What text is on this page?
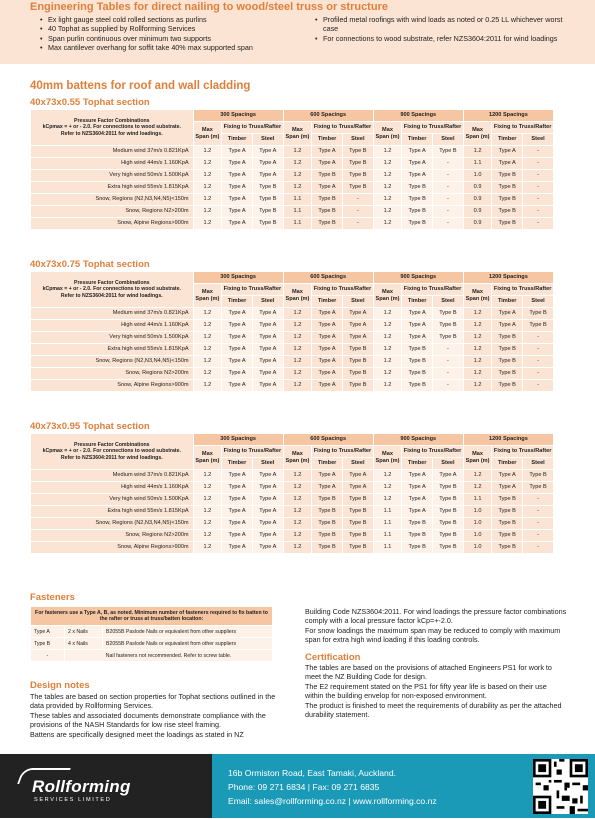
Engineering Tables for direct nailing to wood/steel truss or structure
• Ex light gauge steel cold rolled sections as purlins
• 40 Tophat as supplied by Rollforming Services
• Span purlin continuous over minimum two supports
• Max cantilever overhang for soffit take 40% max supported span
• Profiled metal roofings with wind loads as noted or 0.25 LL whichever worst case
• For connections to wood substrate, refer NZS3604:2011 for wind loadings
40mm battens for roof and wall cladding
40x73x0.55 Tophat section
40x73x0.75 Tophat section
40x73x0.95 Tophat section
Pressure Factor Combinations
kCpmax = + or - 2.0. For connections to wood substrate.
Refer to NZS3604:2011 for wind loadings.	300 Spacings			600 Spacings			900 Spacings			1200 Spacings		
	Max Span (m)	Fixing to Truss/Rafter		Max Span (m)	Fixing to Truss/Rafter		Max Span (m)	Fixing to Truss/Rafter		Max Span (m)	Fixing to Truss/Rafter	
		Timber	Steel		Timber	Steel		Timber	Steel		Timber	Steel
Medium wind 37m/s 0.821KpA	1.2	Type A	Type A	1.2	Type A	Type B	1.2	Type A	Type B	1.2	Type A	-
High wind 44m/s 1.160KpA	1.2	Type A	Type A	1.2	Type A	Type B	1.2	Type A	-	1.1	Type A	-
Very high wind 50m/s 1.500KpA	1.2	Type A	Type A	1.2	Type B	Type B	1.2	Type A	-	1.0	Type B	-
Extra high wind 55m/s 1.815KpA	1.2	Type A	Type B	1.2	Type A	Type B	1.2	Type B	-	0.9	Type B	-
Snow, Regions (N2,N3,N4,N5)<150m	1.2	Type A	Type B	1.1	Type B	-	1.2	Type B	-	0.9	Type B	-
Snow, Regions N2>200m	1.2	Type A	Type B	1.1	Type B	-	1.2	Type B	-	0.9	Type B	-
Snow, Alpine Regions>900m	1.2	Type A	Type B	1.1	Type B	-	1.2	Type B	-	0.9	Type B	-
Pressure Factor Combinations
kCpmax = + or - 2.0. For connections to wood substrate.
Refer to NZS3604:2011 for wind loadings.	300 Spacings			600 Spacings			900 Spacings			1200 Spacings		
	Max Span (m)	Fixing to Truss/Rafter		Max Span (m)	Fixing to Truss/Rafter		Max Span (m)	Fixing to Truss/Rafter		Max Span (m)	Fixing to Truss/Rafter	
		Timber	Steel		Timber	Steel		Timber	Steel		Timber	Steel
Medium wind 37m/s 0.821KpA	1.2	Type A	Type A	1.2	Type A	Type A	1.2	Type A	Type B	1.2	Type A	Type B
High wind 44m/s 1.160KpA	1.2	Type A	Type A	1.2	Type A	Type A	1.2	Type A	Type B	1.2	Type A	Type B
Very high wind 50m/s 1.500KpA	1.2	Type A	Type A	1.2	Type A	Type A	1.2	Type A	Type B	1.2	Type B	-
Extra high wind 55m/s 1.815KpA	1.2	Type A	Type A	1.2	Type A	Type B	1.2	Type B	-	1.2	Type B	-
Snow, Regions (N2,N3,N4,N5)<150m	1.2	Type A	Type A	1.2	Type A	Type B	1.2	Type B	-	1.2	Type B	-
Snow, Regions N2>200m	1.2	Type A	Type A	1.2	Type A	Type B	1.2	Type B	-	1.2	Type B	-
Snow, Alpine Regions>900m	1.2	Type A	Type A	1.2	Type A	Type B	1.2	Type B	-	1.2	Type B	-
Pressure Factor Combinations
kCpmax = + or - 2.0. For connections to wood substrate.
Refer to NZS3604:2011 for wind loadings.	300 Spacings			600 Spacings			900 Spacings			1200 Spacings		
	Max Span (m)	Fixing to Truss/Rafter		Max Span (m)	Fixing to Truss/Rafter		Max Span (m)	Fixing to Truss/Rafter		Max Span (m)	Fixing to Truss/Rafter	
		Timber	Steel		Timber	Steel		Timber	Steel		Timber	Steel
Medium wind 37m/s 0.821KpA	1.2	Type A	Type A	1.2	Type A	Type A	1.2	Type A	Type A	1.2	Type A	Type B
High wind 44m/s 1.160KpA	1.2	Type A	Type A	1.2	Type A	Type A	1.2	Type A	Type B	1.2	Type A	Type B
Very high wind 50m/s 1.500KpA	1.2	Type A	Type A	1.2	Type B	Type B	1.2	Type A	Type B	1.1	Type B	-
Extra high wind 55m/s 1.815KpA	1.2	Type A	Type A	1.2	Type B	Type B	1.1	Type A	Type B	1.0	Type B	-
Snow, Regions (N2,N3,N4,N5)<150m	1.2	Type A	Type A	1.2	Type B	Type B	1.1	Type B	Type B	1.0	Type B	-
Snow, Regions N2>200m	1.2	Type A	Type A	1.2	Type B	Type B	1.1	Type B	Type B	1.0	Type B	-
Snow, Alpine Regions>900m	1.2	Type A	Type A	1.2	Type B	Type B	1.1	Type B	Type B	1.0	Type B	-
Fasteners
For fasteners use a Type A, B, as noted. Minimum number of fasteners required to fix batten to the rafter or truss at truss/batten location:		
Type A	2 x Nails	B2055B Paslode Nails or equivalent from other suppliers
Type B	4 x Nails	B2055B Paslode Nails or equivalent from other suppliers
-	Nail fasteners not recommended. Refer to screw table.	
Design notes

The tables are based on section properties for Tophat sections outlined in the data provided by Rollforming Services.

These tables and associated documents demonstrate compliance with the provisions of the NASH Standards for low rise steel framing.

Battens are specifically designed meet the loadings as stated in NZ

Building Code NZS3604:2011. For wind loadings the pressure factor combinations comply with a local pressure factor kCp=+-2.0.

For snow loadings the maximum span may be reduced to comply with maximum span for extra high wind loading if this loading controls.

Certification

The tables are based on the provisions of attached Engineers PS1 for work to meet the NZ Building Code for design.

The E2 requirement stated on the PS1 for fifty year life is based on their use within the building envelop for non-exposed environment.

The product is finished to meet the requirements of durability as per the attached durability statement.

Rollforming
SERVICES LIMITED
16b Ormiston Road, East Tamaki, Auckland.
Phone: 09 271 6834 | Fax: 09 271 6835
Email: sales@rollforming.co.nz | www.rollforming.co.nz
